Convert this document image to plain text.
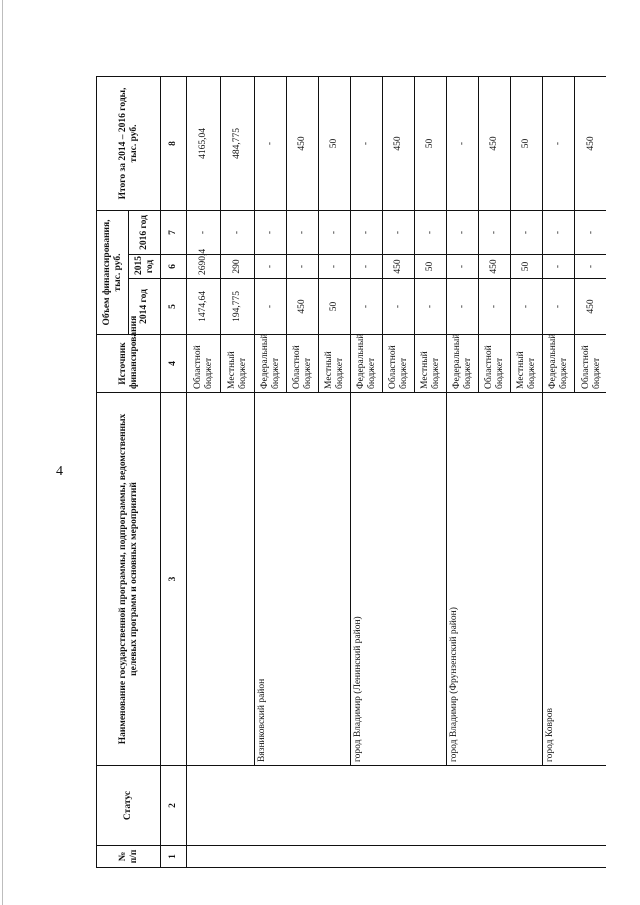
4
№ п/п	Статус	Наименование государственной программы, подпрограммы, ведомственных целевых программ и основных мероприятий	Источник финансирования	Объем финансирования, тыс. руб.			Итого за 2014 – 2016 годы, тыс. руб.
				2014 год	2015 год	2016 год	
1	2	3	4	5	6	7	8
			Областной бюджет	1474,64	2690,4	-	4165,04
			Местный бюджет	194,775	290	-	484,775
		Вязниковский район	Федеральный бюджет	-	-	-	-
			Областной бюджет	450	-	-	450
			Местный бюджет	50	-	-	50
		город Владимир (Ленинский район)	Федеральный бюджет	-	-	-	-
			Областной бюджет	-	450	-	450
			Местный бюджет	-	50	-	50
		город Владимир (Фрунзенский район)	Федеральный бюджет	-	-	-	-
			Областной бюджет	-	450	-	450
			Местный бюджет	-	50	-	50
		город Ковров	Федеральный бюджет	-	-	-	-
			Областной бюджет	450	-	-	450
